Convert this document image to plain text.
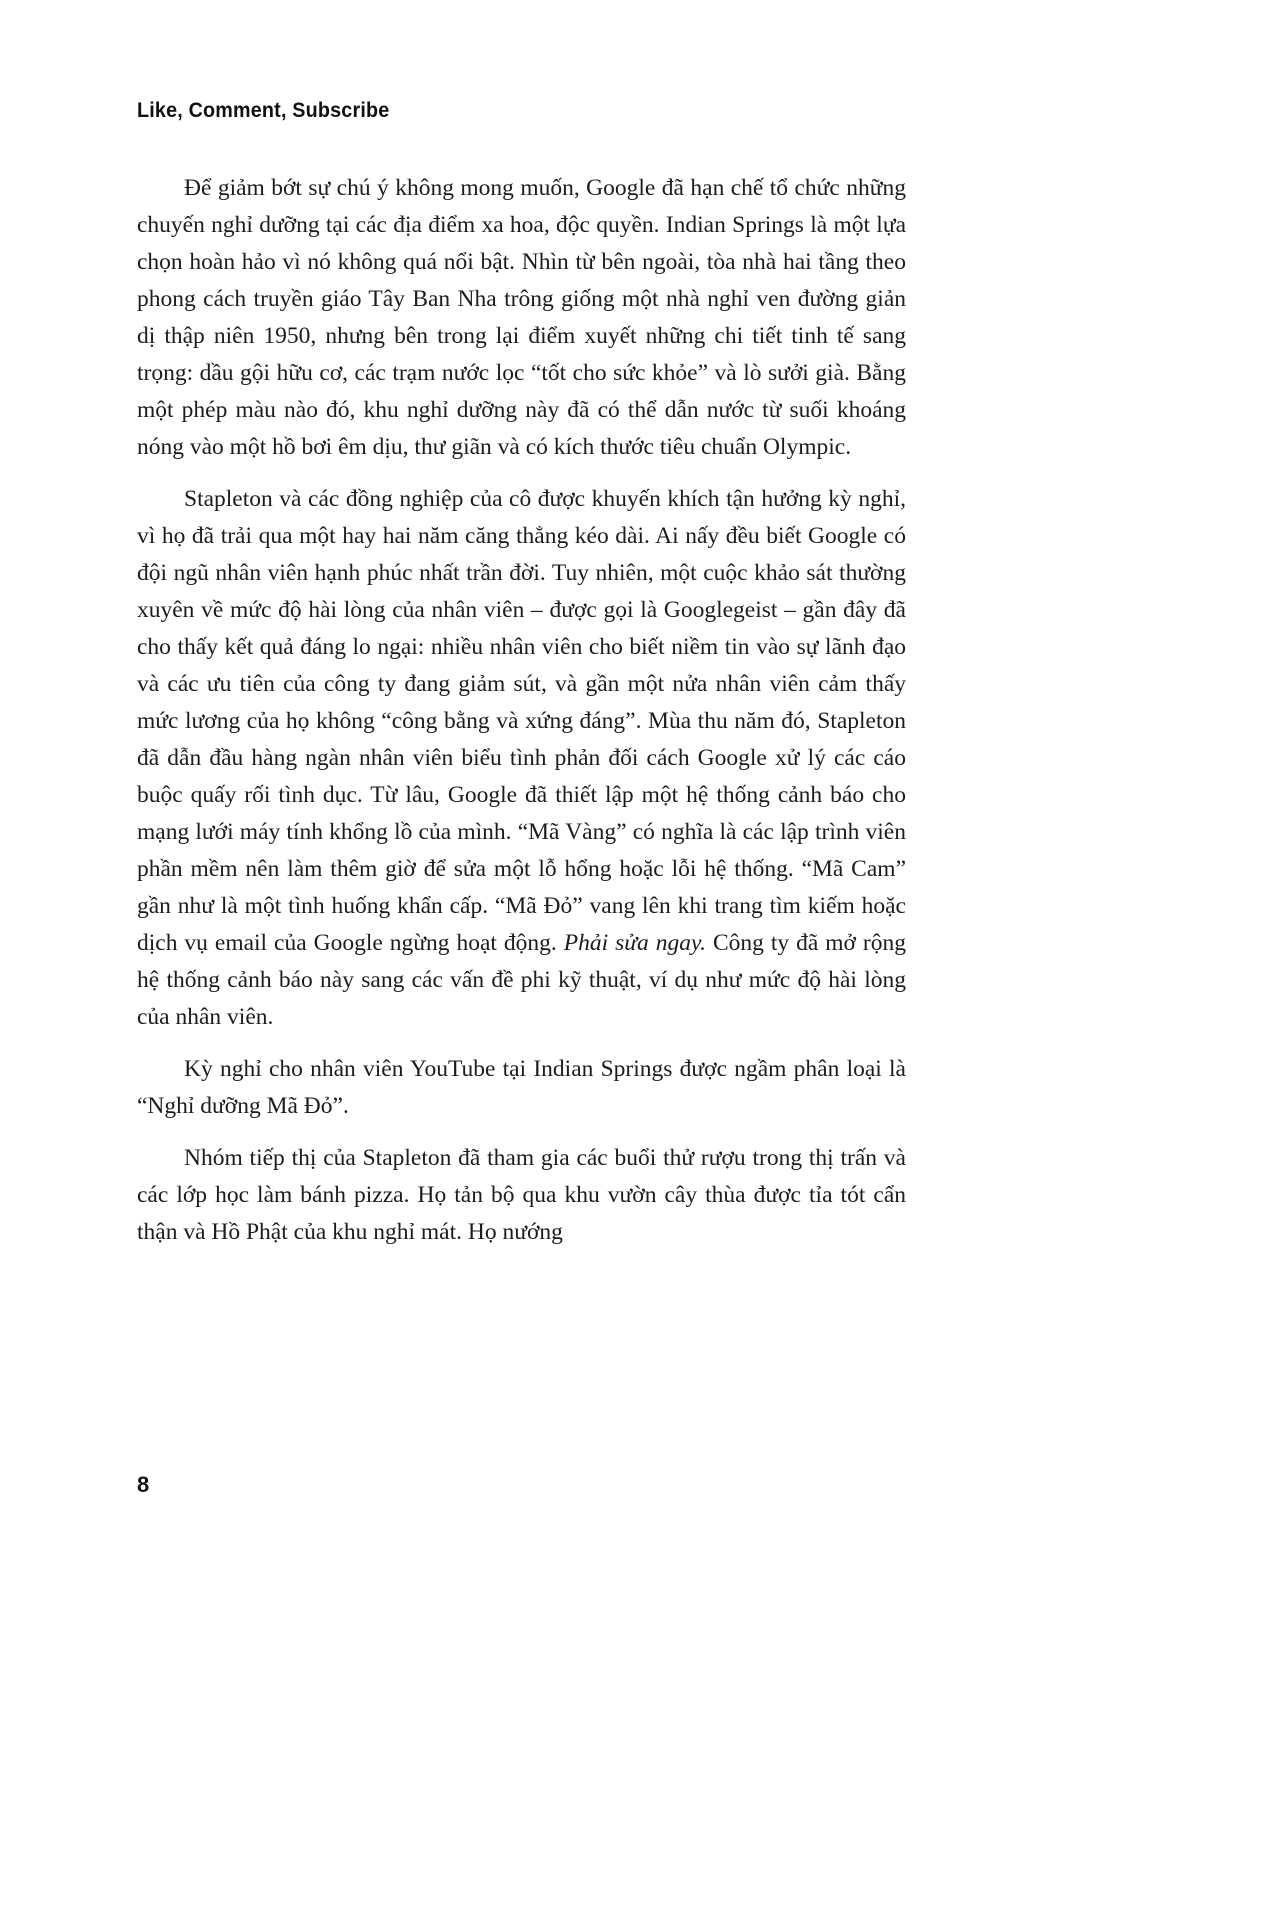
Like, Comment, Subscribe

Để giảm bớt sự chú ý không mong muốn, Google đã hạn chế tổ chức những chuyến nghỉ dưỡng tại các địa điểm xa hoa, độc quyền. Indian Springs là một lựa chọn hoàn hảo vì nó không quá nổi bật. Nhìn từ bên ngoài, tòa nhà hai tầng theo phong cách truyền giáo Tây Ban Nha trông giống một nhà nghỉ ven đường giản dị thập niên 1950, nhưng bên trong lại điểm xuyết những chi tiết tinh tế sang trọng: dầu gội hữu cơ, các trạm nước lọc “tốt cho sức khỏe” và lò sưởi già. Bằng một phép màu nào đó, khu nghỉ dưỡng này đã có thể dẫn nước từ suối khoáng nóng vào một hồ bơi êm dịu, thư giãn và có kích thước tiêu chuẩn Olympic.

Stapleton và các đồng nghiệp của cô được khuyến khích tận hưởng kỳ nghỉ, vì họ đã trải qua một hay hai năm căng thẳng kéo dài. Ai nấy đều biết Google có đội ngũ nhân viên hạnh phúc nhất trần đời. Tuy nhiên, một cuộc khảo sát thường xuyên về mức độ hài lòng của nhân viên – được gọi là Googlegeist – gần đây đã cho thấy kết quả đáng lo ngại: nhiều nhân viên cho biết niềm tin vào sự lãnh đạo và các ưu tiên của công ty đang giảm sút, và gần một nửa nhân viên cảm thấy mức lương của họ không “công bằng và xứng đáng”. Mùa thu năm đó, Stapleton đã dẫn đầu hàng ngàn nhân viên biểu tình phản đối cách Google xử lý các cáo buộc quấy rối tình dục. Từ lâu, Google đã thiết lập một hệ thống cảnh báo cho mạng lưới máy tính khổng lồ của mình. “Mã Vàng” có nghĩa là các lập trình viên phần mềm nên làm thêm giờ để sửa một lỗ hổng hoặc lỗi hệ thống. “Mã Cam” gần như là một tình huống khẩn cấp. “Mã Đỏ” vang lên khi trang tìm kiếm hoặc dịch vụ email của Google ngừng hoạt động. Phải sửa ngay. Công ty đã mở rộng hệ thống cảnh báo này sang các vấn đề phi kỹ thuật, ví dụ như mức độ hài lòng của nhân viên.

Kỳ nghỉ cho nhân viên YouTube tại Indian Springs được ngầm phân loại là “Nghỉ dưỡng Mã Đỏ”.

Nhóm tiếp thị của Stapleton đã tham gia các buổi thử rượu trong thị trấn và các lớp học làm bánh pizza. Họ tản bộ qua khu vườn cây thùa được tỉa tót cẩn thận và Hồ Phật của khu nghỉ mát. Họ nướng

8
